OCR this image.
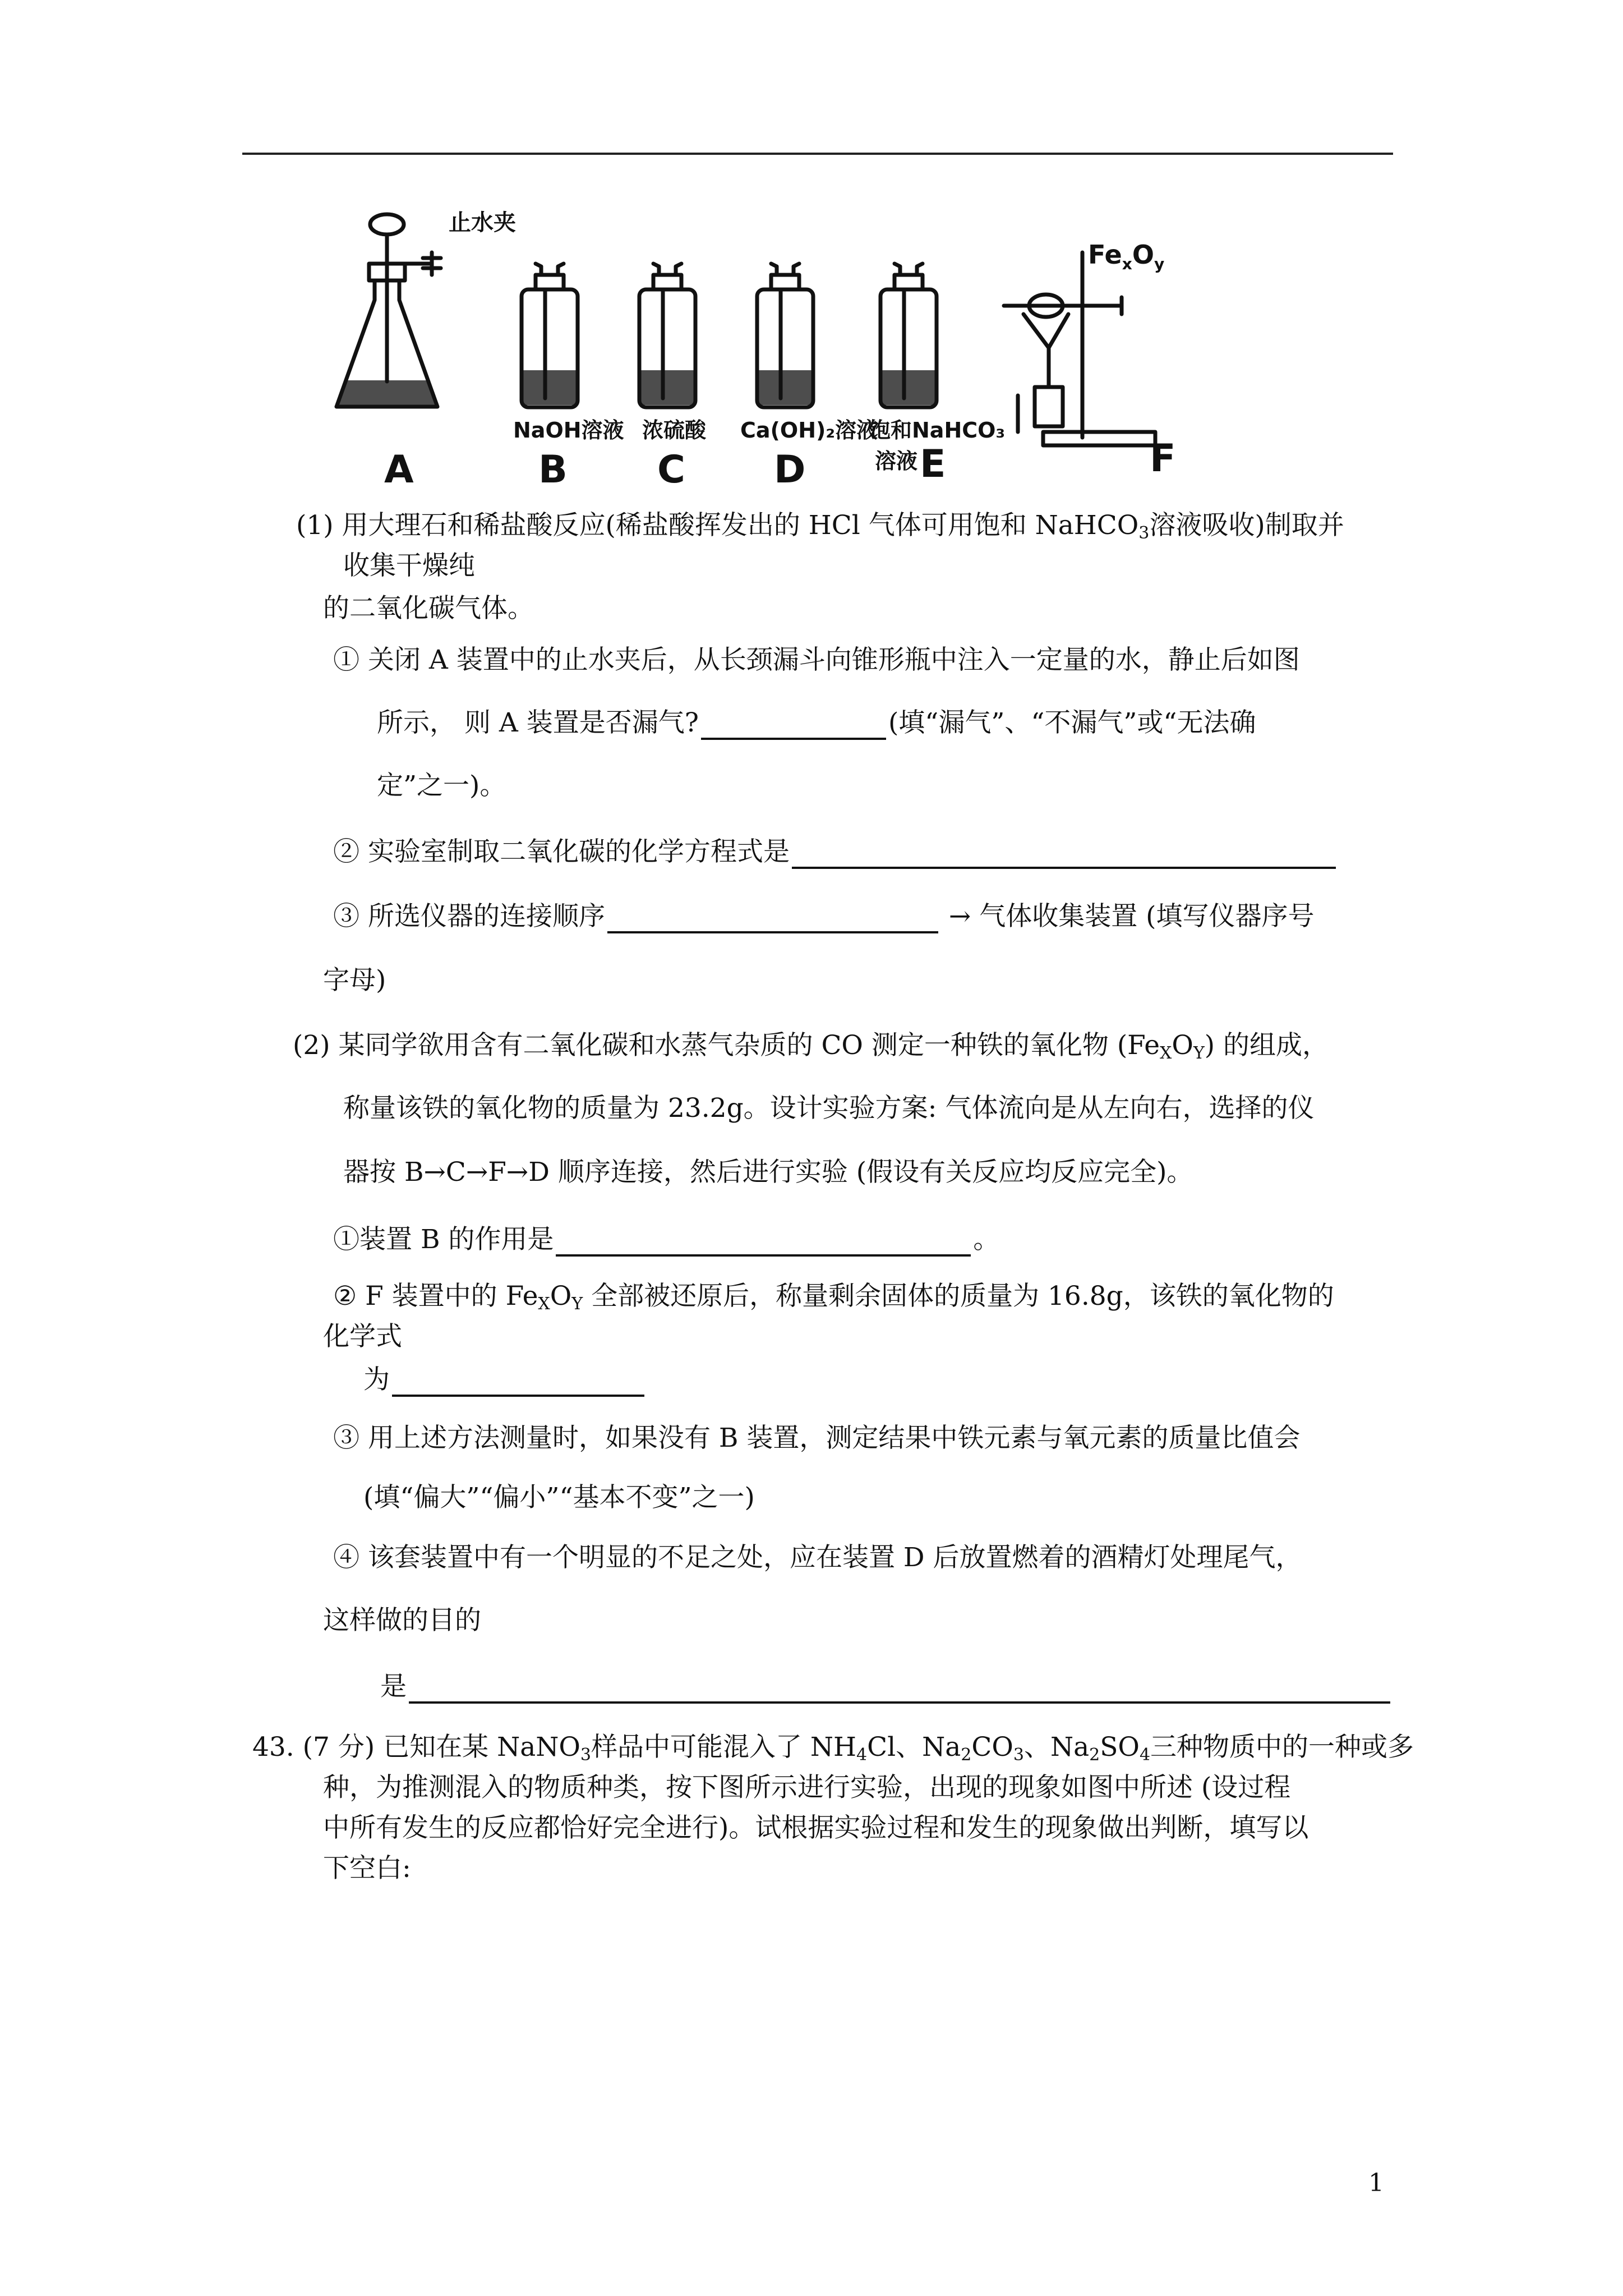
止水夹
$Fe_xO_y$
NaOH溶液 浓硫酸 Ca(OH)₂溶液
饱和NaHCO₃
溶液
A	B C D	E	F
(1) 用大理石和稀盐酸反应(稀盐酸挥发出的 HCl 气体可用饱和 NaHCO$_3$溶液吸收)制取并
收集干燥纯
的二氧化碳气体。
① 关闭 A 装置中的止水夹后，从长颈漏斗向锥形瓶中注入一定量的水，静止后如图
所示， 则 A 装置是否漏气?	(填“漏气”、“不漏气”或“无法确
定”之一)。
② 实验室制取二氧化碳的化学方程式是
③ 所选仪器的连接顺序	→ 气体收集装置 (填写仪器序号
字母)
(2) 某同学欲用含有二氧化碳和水蒸气杂质的 CO 测定一种铁的氧化物 $(Fe_XO_Y)$ 的组成，
称量该铁的氧化物的质量为 23.2g。设计实验方案: 气体流向是从左向右，选择的仪
器按 B→C→F→D 顺序连接，然后进行实验 (假设有关反应均反应完全)。
①装置 B 的作用是	。
② F 装置中的 $Fe_XO_Y$ 全部被还原后，称量剩余固体的质量为 16.8g，该铁的氧化物的
化学式
为
③ 用上述方法测量时，如果没有 B 装置，测定结果中铁元素与氧元素的质量比值会
(填“偏大”“偏小”“基本不变”之一)
④ 该套装置中有一个明显的不足之处，应在装置 D 后放置燃着的酒精灯处理尾气，
这样做的目的
是
43. (7 分) 已知在某 NaNO$_3$样品中可能混入了 $NH_4Cl$、$Na_2CO_3$、$Na_2SO_4$三种物质中的一种或多
种，为推测混入的物质种类，按下图所示进行实验，出现的现象如图中所述 (设过程
中所有发生的反应都恰好完全进行)。试根据实验过程和发生的现象做出判断，填写以
下空白:
1
